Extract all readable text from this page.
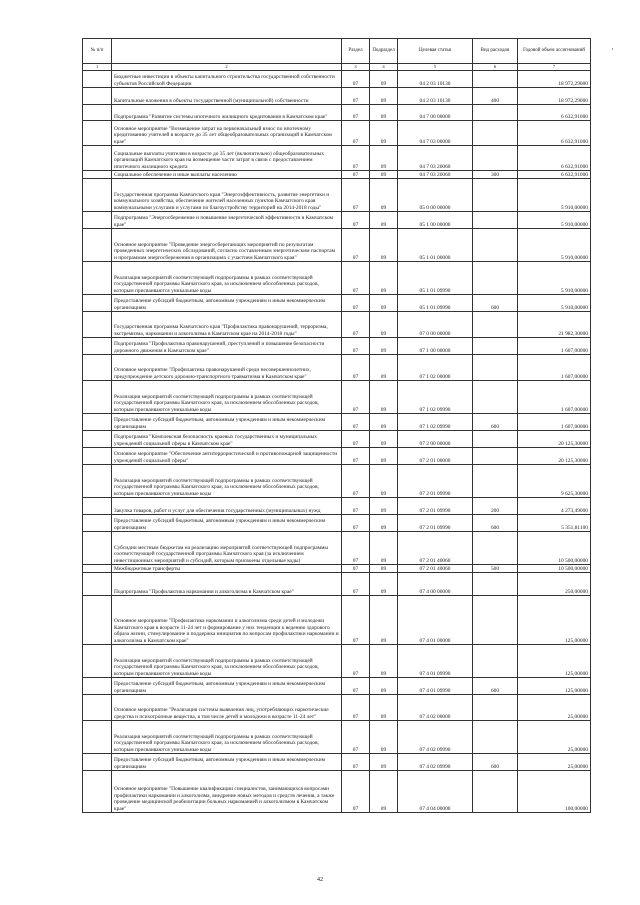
№ п/п		Раздел	Подраздел	Целевая статья	Вид расходов	Годовой объем ассигнований
1	2	3	4	5	6	7
	Бюджетные инвестиции в объекты капитального строительства государственной собственности субъектов Российской Федерации	07	09	04 2 03 10130		18 972,29000
	Капитальные вложения в объекты государственной (муниципальной) собственности	07	09	04 2 03 10130	400	18 972,29000
	Подпрограмма "Развитие системы ипотечного жилищного кредитования в Камчатском крае"	07	09	04 7 00 00000		6 632,91000
	Основное мероприятие "Возмещение затрат на первоначальный взнос по ипотечному кредитованию учителей в возрасте до 35 лет общеобразовательных организаций в Камчатском крае"	07	09	04 7 03 00000		6 632,91000
	Социальные выплаты учителям в возрасте до 35 лет (включительно) общеобразовательных организаций Камчатского края на возмещение части затрат в связи с предоставлением ипотечного жилищного кредита	07	09	04 7 03 20060		6 632,91000
	Социальное обеспечение и иные выплаты населению	07	09	04 7 03 20060	300	6 632,91000
	Государственная программа Камчатского края "Энергоэффективность, развитие энергетики и коммунального хозяйства, обеспечение жителей населенных пунктов Камчатского края коммунальными услугами и услугами по благоустройству территорий на 2014-2018 годы"	07	09	05 0 00 00000		5 910,00000
	Подпрограмма "Энергосбережение и повышение энергетической эффективности в Камчатском крае"	07	09	05 1 00 00000		5 910,00000
	Основное мероприятие "Проведение энергосберегающих мероприятий по результатам проведенных энергетических обследований, согласно составленным энергетическим паспортам и программам энергосбережения в организациях с участием Камчатского края"	07	09	05 1 01 00000		5 910,00000
	Реализация мероприятий соответствующей подпрограммы в рамках соответствующей государственной программы Камчатского края, за исключением обособленных расходов, которым присваиваются уникальные коды	07	09	05 1 01 09990		5 910,00000
	Предоставление субсидий бюджетным, автономным учреждениям и иным некоммерческим организациям	07	09	05 1 01 09990	600	5 910,00000
	Государственная программа Камчатского края "Профилактика правонарушений, терроризма, экстремизма, наркомании и алкоголизма в Камчатском крае на 2014-2018 годы"	07	09	07 0 00 00000		21 982,30000
	Подпрограмма "Профилактика правонарушений, преступлений и повышение безопасности дорожного движения в Камчатском крае"	07	09	07 1 00 00000		1 607,00000
	Основное мероприятие "Профилактика правонарушений среди несовершеннолетних, предупреждение детского дорожно-транспортного травматизма в Камчатском крае"	07	09	07 1 02 00000		1 607,00000
	Реализация мероприятий соответствующей подпрограммы в рамках соответствующей государственной программы Камчатского края, за исключением обособленных расходов, которым присваиваются уникальные коды	07	09	07 1 02 09990		1 607,00000
	Предоставление субсидий бюджетным, автономным учреждениям и иным некоммерческим организациям	07	09	07 1 02 09990	600	1 607,00000
	Подпрограмма "Комплексная безопасность краевых государственных и муниципальных учреждений социальной сферы в Камчатском крае"	07	09	07 2 00 00000		20 125,30000
	Основное мероприятие "Обеспечение антитеррористической и противопожарной защищенности учреждений социальной сферы"	07	09	07 2 01 00000		20 125,30000
	Реализация мероприятий соответствующей подпрограммы в рамках соответствующей государственной программы Камчатского края, за исключением обособленных расходов, которым присваиваются уникальные коды	07	09	07 2 01 09990		9 625,30000
	Закупка товаров, работ и услуг для обеспечения государственных (муниципальных) нужд	07	09	07 2 01 09990	200	4 273,49000
	Предоставление субсидий бюджетным, автономным учреждениям и иным некоммерческим организациям	07	09	07 2 01 09990	600	5 351,81100
	Субсидии местным бюджетам на реализацию мероприятий соответствующей подпрограммы соответствующей государственной программы Камчатского края (за исключением инвестиционных мероприятий и субсидий, которым присвоены отдельные коды)	07	09	07 2 01 40060		10 500,00000
	Межбюджетные трансферты	07	09	07 2 01 40060	500	10 500,00000
	Подпрограмма "Профилактика наркомании и алкоголизма в Камчатском крае"	07	09	07 4 00 00000		250,00000
	Основное мероприятие "Профилактика наркомании и алкоголизма среди детей и молодежи Камчатского края в возрасте 11-24 лет и формирование у них тенденции к ведению здорового образа жизни, стимулирование и поддержка инициатив по вопросам профилактики наркомании и алкоголизма в Камчатском крае"	07	09	07 4 01 00000		125,00000
	Реализация мероприятий соответствующей подпрограммы в рамках соответствующей государственной программы Камчатского края, за исключением обособленных расходов, которым присваиваются уникальные коды	07	09	07 4 01 09990		125,00000
	Предоставление субсидий бюджетным, автономным учреждениям и иным некоммерческим организациям	07	09	07 4 01 09990	600	125,00000
	Основное мероприятие "Реализация системы выявления лиц, употребляющих наркотические средства и психотропные вещества, в том числе детей и молодежи в возрасте 11-24 лет"	07	09	07 4 02 00000		25,00000
	Реализация мероприятий соответствующей подпрограммы в рамках соответствующей государственной программы Камчатского края, за исключением обособленных расходов, которым присваиваются уникальные коды	07	09	07 4 02 09990		25,00000
	Предоставление субсидий бюджетным, автономным учреждениям и иным некоммерческим организациям	07	09	07 4 02 09990	600	25,00000
	Основное мероприятие "Повышение квалификации специалистов, занимающихся вопросами профилактики наркомании и алкоголизма, внедрение новых методов и средств лечения, а также проведение медицинской реабилитации больных наркоманией и алкоголизмом в Камчатском крае"	07	09	07 4 04 00000		100,00000
42
